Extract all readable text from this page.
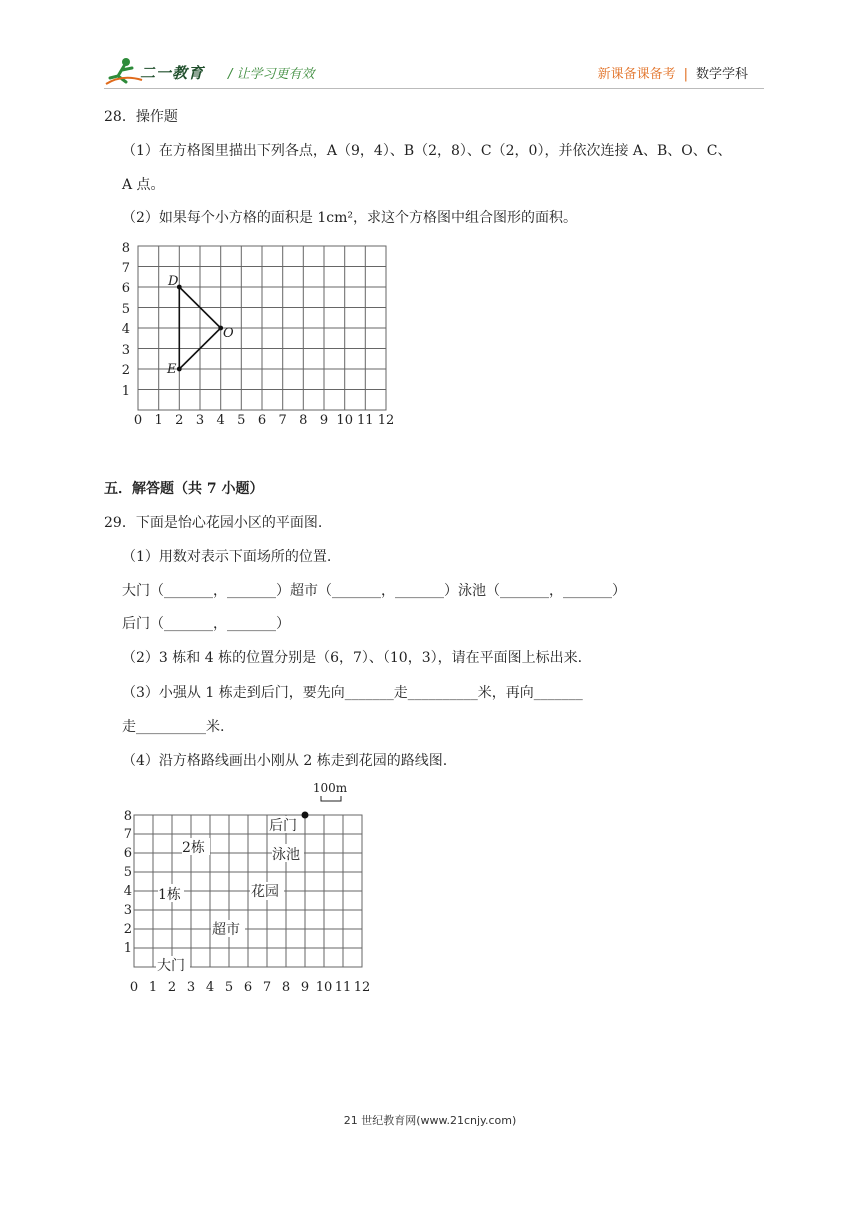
二一教育 / 让学习更有效	新课备课备考 | 数学学科
28．操作题
（1）在方格图里描出下列各点，A（9，4）、B（2，8）、C（2，0），并依次连接 A、B、O、C、
A 点。
（2）如果每个小方格的面积是 1cm²，求这个方格图中组合图形的面积。
8
7
6
5
4
3
2
1
0 1 2 3 4 5 6 7 8 9 10 11 12
D
O
E
五．解答题（共 7 小题）
29．下面是怡心花园小区的平面图.
（1）用数对表示下面场所的位置.
大门（_______，_______）超市（_______，_______）泳池（_______，_______）
后门（_______，_______）
（2）3 栋和 4 栋的位置分别是（6，7）、（10，3），请在平面图上标出来.
（3）小强从 1 栋走到后门，要先向_______走__________米，再向_______
走__________米.
（4）沿方格路线画出小刚从 2 栋走到花园的路线图.
100m
8
7
6
5
4
3
2
1
0 1 2 3 4 5 6 7 8 9 10 11 12
后门
2栋	泳池
1栋	花园
超市
大门
21 世纪教育网(www.21cnjy.com)
